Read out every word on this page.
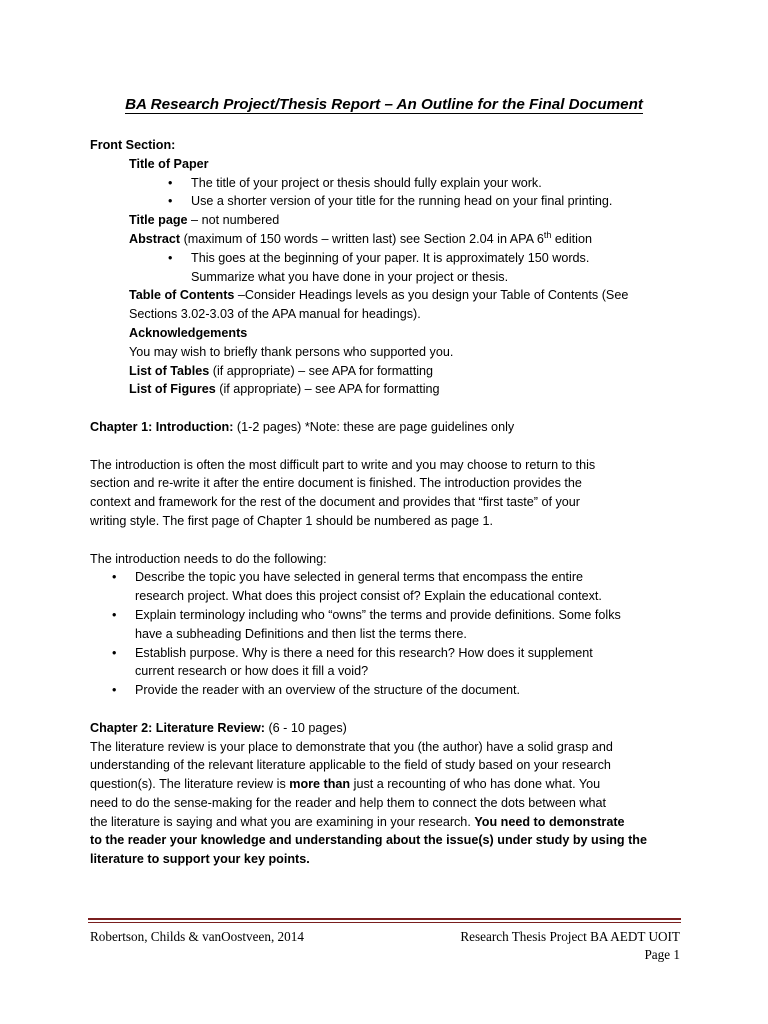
BA Research Project/Thesis Report – An Outline for the Final Document
Front Section:
Title of Paper
• The title of your project or thesis should fully explain your work.
• Use a shorter version of your title for the running head on your final printing.
Title page – not numbered
Abstract (maximum of 150 words – written last) see Section 2.04 in APA 6th edition
• This goes at the beginning of your paper. It is approximately 150 words.
Summarize what you have done in your project or thesis.
Table of Contents –Consider Headings levels as you design your Table of Contents (See
Sections 3.02-3.03 of the APA manual for headings).
Acknowledgements
You may wish to briefly thank persons who supported you.
List of Tables (if appropriate) – see APA for formatting
List of Figures (if appropriate) – see APA for formatting
Chapter 1: Introduction: (1-2 pages) *Note: these are page guidelines only
The introduction is often the most difficult part to write and you may choose to return to this
section and re-write it after the entire document is finished. The introduction provides the
context and framework for the rest of the document and provides that “first taste” of your
writing style. The first page of Chapter 1 should be numbered as page 1.
The introduction needs to do the following:
• Describe the topic you have selected in general terms that encompass the entire
research project. What does this project consist of? Explain the educational context.
• Explain terminology including who “owns” the terms and provide definitions. Some folks
have a subheading Definitions and then list the terms there.
• Establish purpose. Why is there a need for this research? How does it supplement
current research or how does it fill a void?
• Provide the reader with an overview of the structure of the document.
Chapter 2: Literature Review: (6 - 10 pages)
The literature review is your place to demonstrate that you (the author) have a solid grasp and
understanding of the relevant literature applicable to the field of study based on your research
question(s). The literature review is more than just a recounting of who has done what. You
need to do the sense-making for the reader and help them to connect the dots between what
the literature is saying and what you are examining in your research. You need to demonstrate
to the reader your knowledge and understanding about the issue(s) under study by using the
literature to support your key points.
Robertson, Childs & vanOostveen, 2014	Research Thesis Project BA AEDT UOIT
Page 1
